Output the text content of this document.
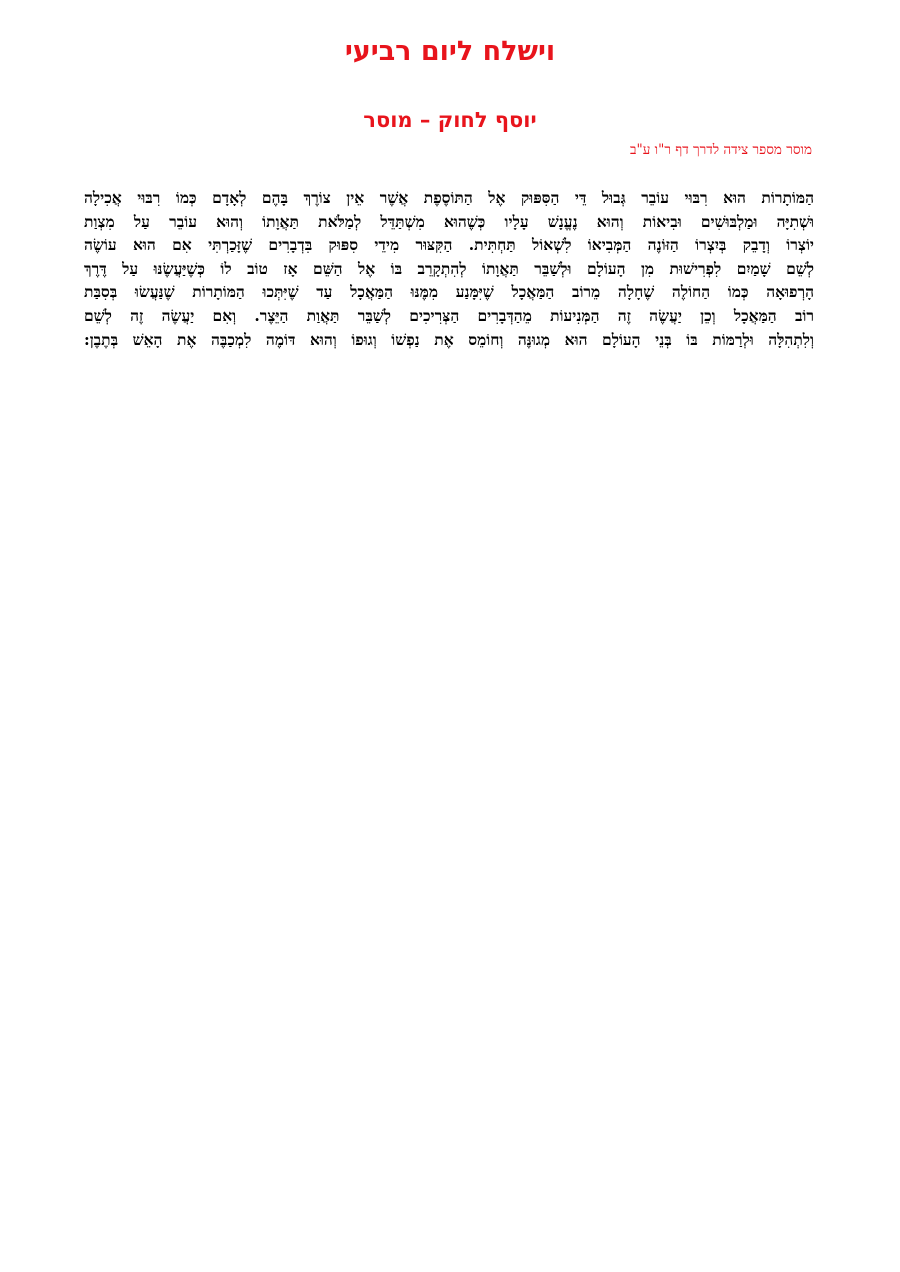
וישלח ליום רביעי
יוסף לחוק – מוסר

מוסר מספר צידה לדרך דף ר"ו ע"ב

הַמּוֹתָרוֹת הוּא רִבּוּי עוֹבֵר גְּבוּל דֵּי הַסִּפּוּק אֶל הַתּוֹסֶפֶת אֲשֶׁר אֵין צוֹרֶךְ בָּהֶם לְאָדָם כְּמוֹ רִבּוּי אֲכִילָה
וּשְׁתִיָּה וּמַלְבּוּשִׁים וּבִיאוֹת וְהוּא נֶעֱנָשׁ עָלָיו כְּשֶׁהוּא מִשְׁתַּדֵּל לְמַלֹּאת תַּאֲוָתוֹ וְהוּא עוֹבֵר עַל מִצְוַת
יוֹצְרוֹ וְדָבֵק בְּיִצְרוֹ הַזּוֹנֶה הַמְּבִיאוֹ לִשְׁאוֹל תַּחְתִּית. הַקִּצּוּר מִידֵי סִפּוּק בִּדְבָרִים שֶׁזָּכַרְתִּי אִם הוּא עוֹשֶׂה
לְשֵׁם שָׁמַיִם לִפְרִישׁוּת מִן הָעוֹלָם וּלְשַׁבֵּר תַּאֲוָתוֹ לְהִתְקָרֵב בּוֹ אֶל הַשֵּׁם אָז טוֹב לוֹ כְּשֶׁיַּעֲשֶׂנּוּ עַל דֶּרֶךְ
הָרְפוּאָה כְּמוֹ הַחוֹלֶה שֶׁחָלָה מֵרוֹב הַמַּאֲכָל שֶׁיִּמָּנַע מִמֶּנּוּ הַמַּאֲכָל עַד שֶׁיִּתְּכוּ הַמּוֹתָרוֹת שֶׁנַּעֲשׂוּ בְּסִבַּת
רוֹב הַמַּאֲכָל וְכֵן יַעֲשֶׂה זֶה הַמְּנִיעוֹת מֵהַדְּבָרִים הַצְּרִיכִים לְשַׁבֵּר תַּאֲוַת הַיֵּצֶר. וְאִם יַעֲשֶׂה זֶה לְשֵׁם
וְלִתְהִלָּה וּלְרַמּוֹת בּוֹ בְּנֵי הָעוֹלָם הוּא מְגוּנֶּה וְחוֹמֵס אֶת נַפְשׁוֹ וְגוּפוֹ וְהוּא דּוֹמֶה לִמְכַבֶּה אֶת הָאֵשׁ בְּתֶבֶן:
